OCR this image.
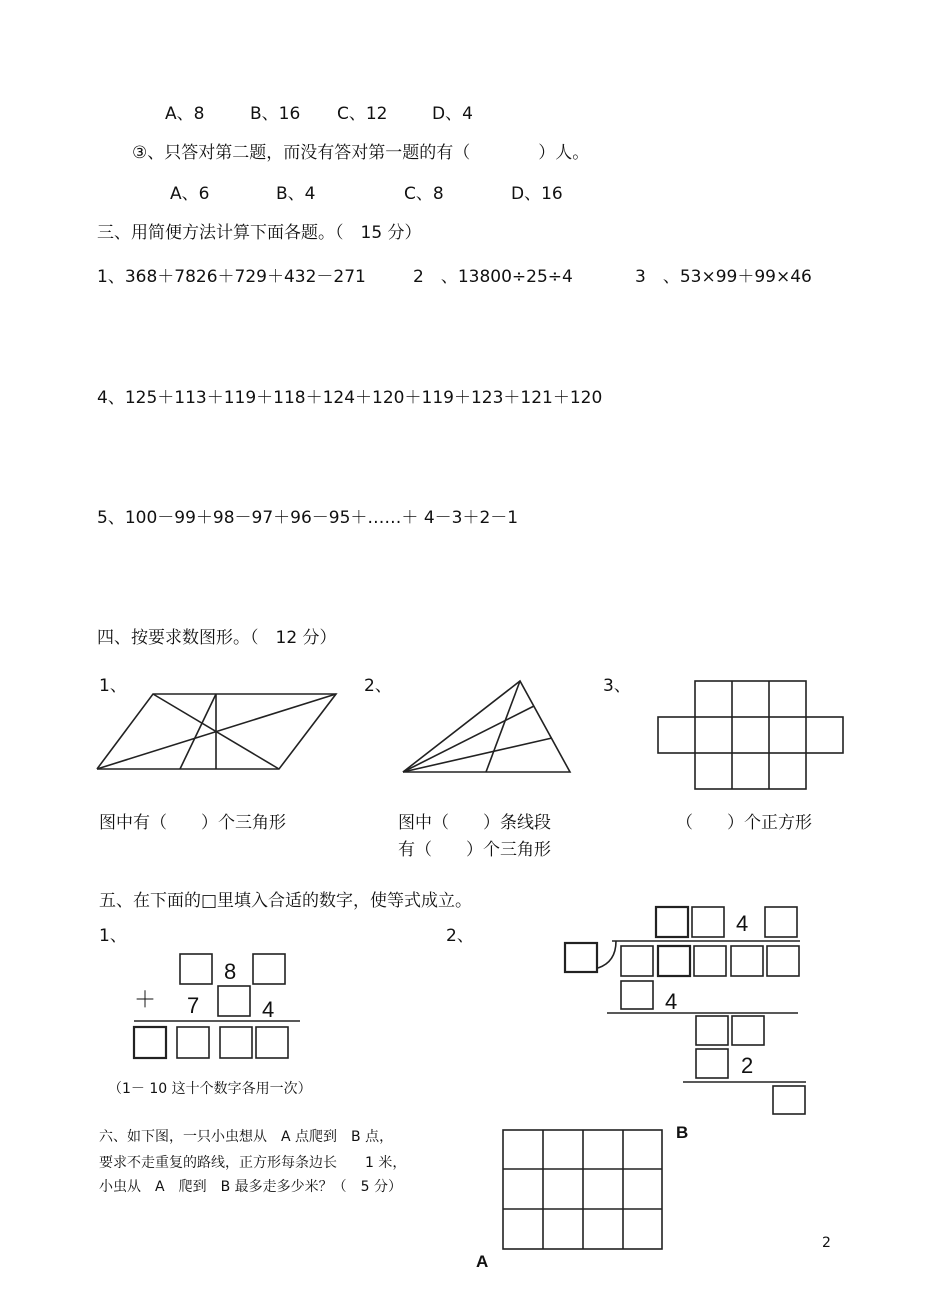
A、8	B、16 C、12	D、4
③、只答对第二题，而没有答对第一题的有（　　　　）人。
A、6	B、4	C、8	D、16
三、用简便方法计算下面各题。（　15 分）
1、368＋7826＋729＋432－271	2　、13800÷25÷4	3　、53×99＋99×46
4、125＋113＋119＋118＋124＋120＋119＋123＋121＋120
5、100－99＋98－97＋96－95＋……＋ 4－3＋2－1
四、按要求数图形。（　12 分）
1、	2、	3、
图中有（　　）个三角形	图中（　　）条线段
有（　　）个三角形
（　　）个正方形
五、在下面的□里填入合适的数字，使等式成立。
1、	2、
＋
8
7	4
（1－ 10 这十个数字各用一次）
4
4
2
六、如下图，一只小虫想从　A 点爬到　B 点，
要求不走重复的路线，正方形每条边长　　1 米，
小虫从　A　爬到　B 最多走多少米？（　5 分）
B
A
2
